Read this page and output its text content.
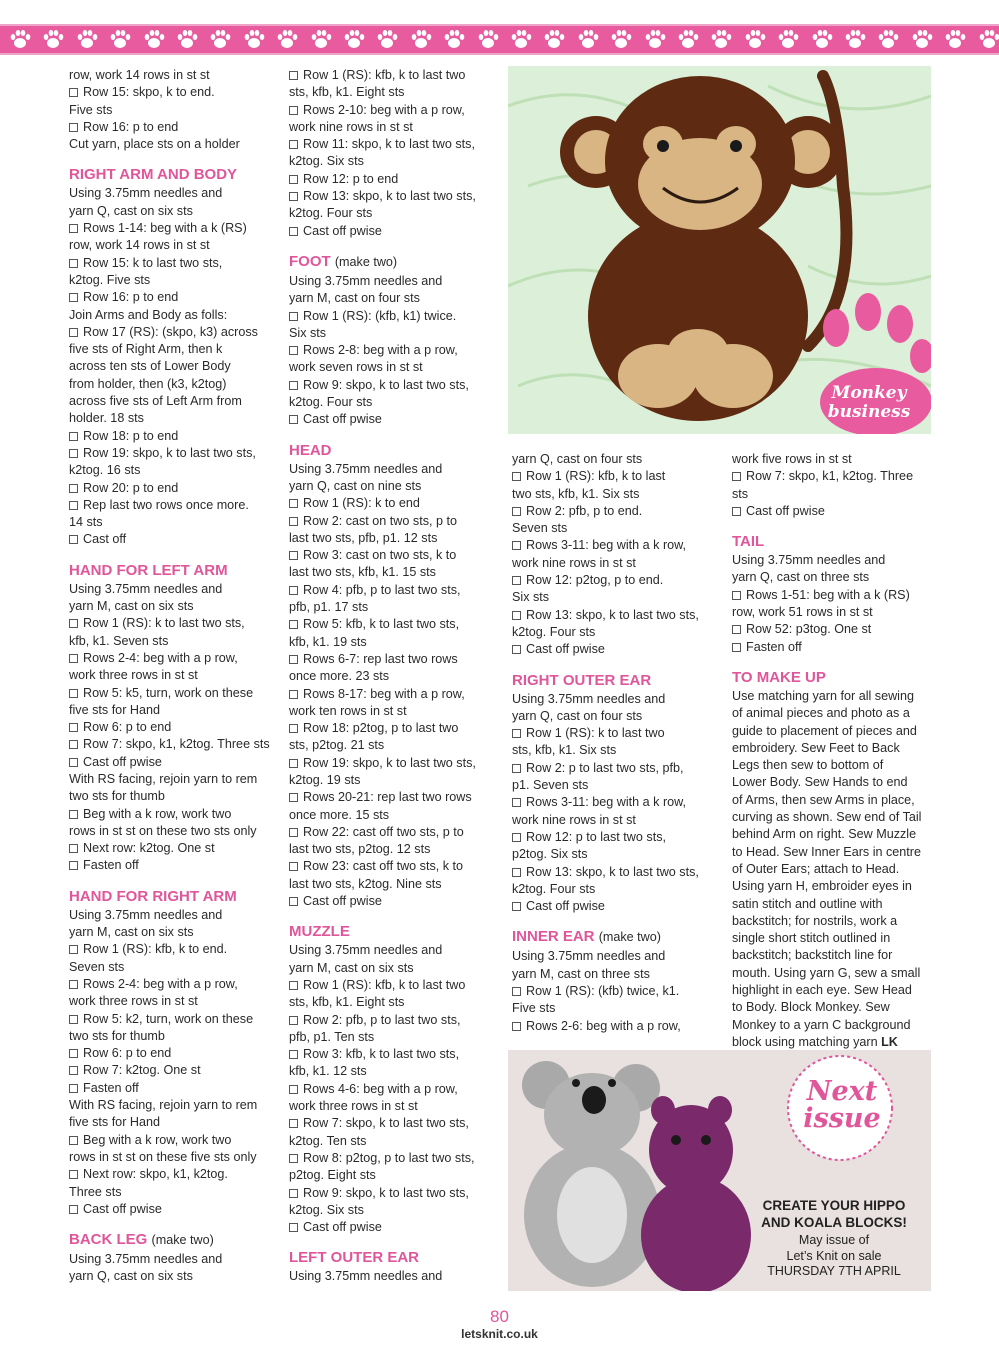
row, work 14 rows in st st

Row 15: skpo, k to end.

Five sts

Row 16: p to end

Cut yarn, place sts on a holder

RIGHT ARM AND BODY

Using 3.75mm needles and

yarn Q, cast on six sts

Rows 1-14: beg with a k (RS)

row, work 14 rows in st st

Row 15: k to last two sts,

k2tog. Five sts

Row 16: p to end

Join Arms and Body as folls:

Row 17 (RS): (skpo, k3) across

five sts of Right Arm, then k

across ten sts of Lower Body

from holder, then (k3, k2tog)

across five sts of Left Arm from

holder. 18 sts

Row 18: p to end

Row 19: skpo, k to last two sts,

k2tog. 16 sts

Row 20: p to end

Rep last two rows once more.

14 sts

Cast off

HAND FOR LEFT ARM

Using 3.75mm needles and

yarn M, cast on six sts

Row 1 (RS): k to last two sts,

kfb, k1. Seven sts

Rows 2-4: beg with a p row,

work three rows in st st

Row 5: k5, turn, work on these

five sts for Hand

Row 6: p to end

Row 7: skpo, k1, k2tog. Three sts

Cast off pwise

With RS facing, rejoin yarn to rem

two sts for thumb

Beg with a k row, work two

rows in st st on these two sts only

Next row: k2tog. One st

Fasten off

HAND FOR RIGHT ARM

Using 3.75mm needles and

yarn M, cast on six sts

Row 1 (RS): kfb, k to end.

Seven sts

Rows 2-4: beg with a p row,

work three rows in st st

Row 5: k2, turn, work on these

two sts for thumb

Row 6: p to end

Row 7: k2tog. One st

Fasten off

With RS facing, rejoin yarn to rem

five sts for Hand

Beg with a k row, work two

rows in st st on these five sts only

Next row: skpo, k1, k2tog.

Three sts

Cast off pwise

BACK LEG (make two)

Using 3.75mm needles and

yarn Q, cast on six sts

Row 1 (RS): kfb, k to last two

sts, kfb, k1. Eight sts

Rows 2-10: beg with a p row,

work nine rows in st st

Row 11: skpo, k to last two sts,

k2tog. Six sts

Row 12: p to end

Row 13: skpo, k to last two sts,

k2tog. Four sts

Cast off pwise

FOOT (make two)

Using 3.75mm needles and

yarn M, cast on four sts

Row 1 (RS): (kfb, k1) twice.

Six sts

Rows 2-8: beg with a p row,

work seven rows in st st

Row 9: skpo, k to last two sts,

k2tog. Four sts

Cast off pwise

HEAD

Using 3.75mm needles and

yarn Q, cast on nine sts

Row 1 (RS): k to end

Row 2: cast on two sts, p to

last two sts, pfb, p1. 12 sts

Row 3: cast on two sts, k to

last two sts, kfb, k1. 15 sts

Row 4: pfb, p to last two sts,

pfb, p1. 17 sts

Row 5: kfb, k to last two sts,

kfb, k1. 19 sts

Rows 6-7: rep last two rows

once more. 23 sts

Rows 8-17: beg with a p row,

work ten rows in st st

Row 18: p2tog, p to last two

sts, p2tog. 21 sts

Row 19: skpo, k to last two sts,

k2tog. 19 sts

Rows 20-21: rep last two rows

once more. 15 sts

Row 22: cast off two sts, p to

last two sts, p2tog. 12 sts

Row 23: cast off two sts, k to

last two sts, k2tog. Nine sts

Cast off pwise

MUZZLE

Using 3.75mm needles and

yarn M, cast on six sts

Row 1 (RS): kfb, k to last two

sts, kfb, k1. Eight sts

Row 2: pfb, p to last two sts,

pfb, p1. Ten sts

Row 3: kfb, k to last two sts,

kfb, k1. 12 sts

Rows 4-6: beg with a p row,

work three rows in st st

Row 7: skpo, k to last two sts,

k2tog. Ten sts

Row 8: p2tog, p to last two sts,

p2tog. Eight sts

Row 9: skpo, k to last two sts,

k2tog. Six sts

Cast off pwise

LEFT OUTER EAR

Using 3.75mm needles and

Monkey
business

yarn Q, cast on four sts

Row 1 (RS): kfb, k to last

two sts, kfb, k1. Six sts

Row 2: pfb, p to end.

Seven sts

Rows 3-11: beg with a k row,

work nine rows in st st

Row 12: p2tog, p to end.

Six sts

Row 13: skpo, k to last two sts,

k2tog. Four sts

Cast off pwise

RIGHT OUTER EAR

Using 3.75mm needles and

yarn Q, cast on four sts

Row 1 (RS): k to last two

sts, kfb, k1. Six sts

Row 2: p to last two sts, pfb,

p1. Seven sts

Rows 3-11: beg with a k row,

work nine rows in st st

Row 12: p to last two sts,

p2tog. Six sts

Row 13: skpo, k to last two sts,

k2tog. Four sts

Cast off pwise

INNER EAR (make two)

Using 3.75mm needles and

yarn M, cast on three sts

Row 1 (RS): (kfb) twice, k1.

Five sts

Rows 2-6: beg with a p row,

work five rows in st st

Row 7: skpo, k1, k2tog. Three sts

Cast off pwise

TAIL

Using 3.75mm needles and

yarn Q, cast on three sts

Rows 1-51: beg with a k (RS)

row, work 51 rows in st st

Row 52: p3tog. One st

Fasten off

TO MAKE UP

Use matching yarn for all sewing

of animal pieces and photo as a

guide to placement of pieces and

embroidery. Sew Feet to Back

Legs then sew to bottom of

Lower Body. Sew Hands to end

of Arms, then sew Arms in place,

curving as shown. Sew end of Tail

behind Arm on right. Sew Muzzle

to Head. Sew Inner Ears in centre

of Outer Ears; attach to Head.

Using yarn H, embroider eyes in

satin stitch and outline with

backstitch; for nostrils, work a

single short stitch outlined in

backstitch; backstitch line for

mouth. Using yarn G, sew a small

highlight in each eye. Sew Head

to Body. Block Monkey. Sew

Monkey to a yarn C background

block using matching yarn LK

Next
issue
CREATE YOUR HIPPO
AND KOALA BLOCKS!
May issue of
Let’s Knit on sale
THURSDAY 7TH APRIL
80
letsknit.co.uk
